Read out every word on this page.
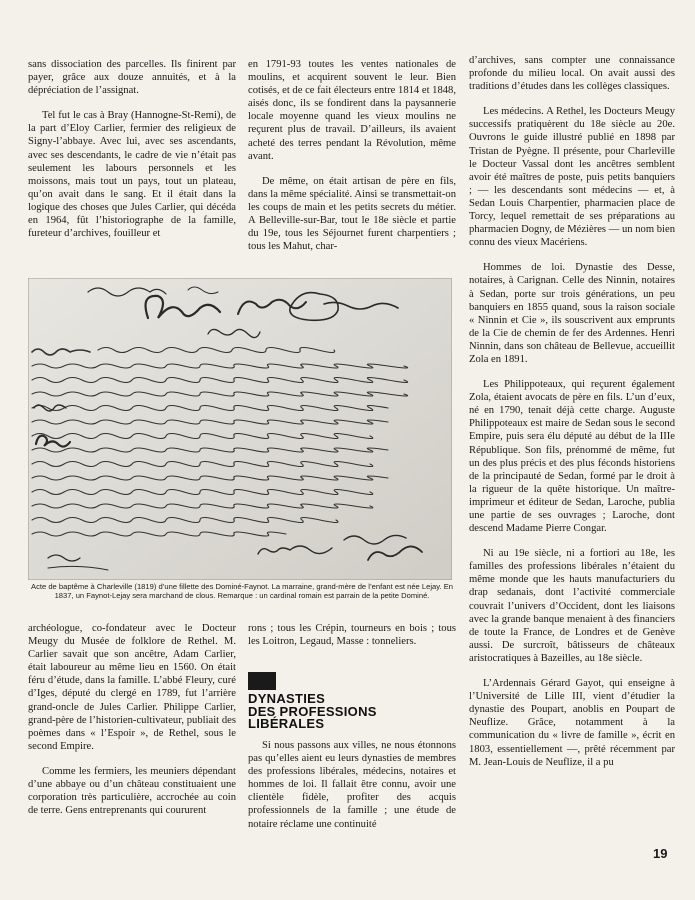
sans dissociation des parcelles. Ils finirent par payer, grâce aux douze annuités, et à la dépréciation de l’assignat.

Tel fut le cas à Bray (Hannogne-St-Remi), de la part d’Eloy Carlier, fermier des religieux de Signy-l’abbaye. Avec lui, avec ses ascendants, avec ses descendants, le cadre de vie n’était pas seulement les labours personnels et les moissons, mais tout un pays, tout un plateau, qu’on avait dans le sang. Et il était dans la logique des choses que Jules Carlier, qui décéda en 1964, fût l’historiographe de la famille, fureteur d’archives, fouilleur et

en 1791-93 toutes les ventes nationales de moulins, et acquirent souvent le leur. Bien cotisés, et de ce fait électeurs entre 1814 et 1848, aisés donc, ils se fondirent dans la paysannerie locale moyenne quand les vieux moulins ne reçurent plus de travail. D’ailleurs, ils avaient acheté des terres pendant la Révolution, même avant.

De même, on était artisan de père en fils, dans la même spécialité. Ainsi se transmettait-on les coups de main et les petits secrets du métier. A Belleville-sur-Bar, tout le 18e siècle et partie du 19e, tous les Séjournet furent charpentiers ; tous les Mahut, char-

d’archives, sans compter une connaissance profonde du milieu local. On avait aussi des traditions d’études dans les collèges classiques.

Les médecins. A Rethel, les Docteurs Meugy successifs pratiquèrent du 18e siècle au 20e. Ouvrons le guide illustré publié en 1898 par Tristan de Pyègne. Il présente, pour Charleville le Docteur Vassal dont les ancêtres semblent avoir été maîtres de poste, puis petits banquiers ; — les descendants sont médecins — et, à Sedan Louis Charpentier, pharmacien place de Torcy, lequel remettait de ses préparations au pharmacien Dogny, de Mézières — un nom bien connu des vieux Macériens.

Hommes de loi. Dynastie des Desse, notaires, à Carignan. Celle des Ninnin, notaires à Sedan, porte sur trois générations, un peu banquiers en 1855 quand, sous la raison sociale « Ninnin et Cie », ils souscrivent aux emprunts de la Cie de chemin de fer des Ardennes. Henri Ninnin, dans son château de Bellevue, accueillit Zola en 1891.

Les Philippoteaux, qui reçurent également Zola, étaient avocats de père en fils. L’un d’eux, né en 1790, tenait déjà cette charge. Auguste Philippoteaux est maire de Sedan sous le second Empire, puis sera élu député au début de la IIIe République. Son fils, prénommé de même, fut un des plus précis et des plus féconds historiens de la principauté de Sedan, formé par le droit à la rigueur de la quête historique. Un maître-imprimeur et éditeur de Sedan, Laroche, publia une partie de ses ouvrages ; Laroche, dont descend Madame Pierre Congar.

Ni au 19e siècle, ni a fortiori au 18e, les familles des professions libérales n’étaient du même monde que les hauts manufacturiers du drap sedanais, dont l’activité commerciale couvrait l’univers d’Occident, dont les liaisons avec la grande banque menaient à des financiers de toute la France, de Londres et de Genève aussi. De surcroît, bâtisseurs de châteaux aristocratiques à Bazeilles, au 18e siècle.

L’Ardennais Gérard Gayot, qui enseigne à l’Université de Lille III, vient d’étudier la dynastie des Poupart, anoblis en Poupart de Neuflize. Grâce, notamment à la communication du « livre de famille », écrit en 1803, essentiellement —, prêté récemment par M. Jean-Louis de Neuflize, il a pu

Acte de baptême à Charleville (1819) d’une fillette des Dominé-Faynot. La marraine, grand-mère de l’enfant est née Lejay. En 1837, un Faynot-Lejay sera marchand de clous. Remarque : un cardinal romain est parrain de la petite Dominé.

archéologue, co-fondateur avec le Docteur Meugy du Musée de folklore de Rethel. M. Carlier savait que son ancêtre, Adam Carlier, était laboureur au même lieu en 1560. On était féru d’étude, dans la famille. L’abbé Fleury, curé d’Iges, député du clergé en 1789, fut l’arrière grand-oncle de Jules Carlier. Philippe Carlier, grand-père de l’historien-cultivateur, publiait des poèmes dans « l’Espoir », de Rethel, sous le second Empire.

Comme les fermiers, les meuniers dépendant d’une abbaye ou d’un château constituaient une corporation très particulière, accrochée au coin de terre. Gens entreprenants qui coururent

rons ; tous les Crépin, tourneurs en bois ; tous les Loitron, Legaud, Masse : tonneliers.

DYNASTIES
DES PROFESSIONS
LIBÉRALES

Si nous passons aux villes, ne nous étonnons pas qu’elles aient eu leurs dynasties de membres des professions libérales, médecins, notaires et hommes de loi. Il fallait être connu, avoir une clientèle fidèle, profiter des acquis professionnels de la famille ; une étude de notaire réclame une continuité

19
